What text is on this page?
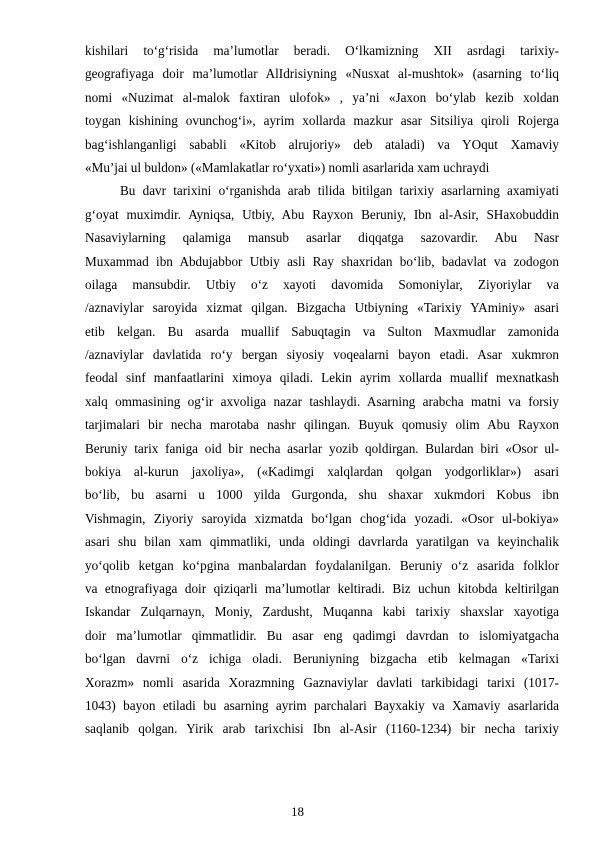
kishilari to‘g‘risida ma’lumotlar beradi. O‘lkamizning XII asrdagi tarixiy-
geografiyaga doir ma’lumotlar AlIdrisiyning «Nusxat al-mushtok» (asarning to‘liq
nomi «Nuzimat al-malok faxtiran ulofok» , ya’ni «Jaxon bo‘ylab kezib xoldan
toygan kishining ovunchog‘i», ayrim xollarda mazkur asar Sitsiliya qiroli Rojerga
bag‘ishlanganligi sababli «Kitob alrujoriy» deb ataladi) va YOqut Xamaviy
«Mu’jai ul buldon» («Mamlakatlar ro‘yxati») nomli asarlarida xam uchraydi
Bu davr tarixini o‘rganishda arab tilida bitilgan tarixiy asarlarning axamiyati
g‘oyat muximdir. Ayniqsa, Utbiy, Abu Rayxon Beruniy, Ibn al-Asir, SHaxobuddin
Nasaviylarning qalamiga mansub asarlar diqqatga sazovardir. Abu Nasr
Muxammad ibn Abdujabbor Utbiy asli Ray shaxridan bo‘lib, badavlat va zodogon
oilaga mansubdir. Utbiy o‘z xayoti davomida Somoniylar, Ziyoriylar va
/aznaviylar saroyida xizmat qilgan. Bizgacha Utbiyning «Tarixiy YAminiy» asari
etib kelgan. Bu asarda muallif Sabuqtagin va Sulton Maxmudlar zamonida
/aznaviylar davlatida ro‘y bergan siyosiy voqealarni bayon etadi. Asar xukmron
feodal sinf manfaatlarini ximoya qiladi. Lekin ayrim xollarda muallif mexnatkash
xalq ommasining og‘ir axvoliga nazar tashlaydi. Asarning arabcha matni va forsiy
tarjimalari bir necha marotaba nashr qilingan. Buyuk qomusiy olim Abu Rayxon
Beruniy tarix faniga oid bir necha asarlar yozib qoldirgan. Bulardan biri «Osor ul-
bokiya al-kurun jaxoliya», («Kadimgi xalqlardan qolgan yodgorliklar») asari
bo‘lib, bu asarni u 1000 yilda Gurgonda, shu shaxar xukmdori Kobus ibn
Vishmagin, Ziyoriy saroyida xizmatda bo‘lgan chog‘ida yozadi. «Osor ul-bokiya»
asari shu bilan xam qimmatliki, unda oldingi davrlarda yaratilgan va keyinchalik
yo‘qolib ketgan ko‘pgina manbalardan foydalanilgan. Beruniy o‘z asarida folklor
va etnografiyaga doir qiziqarli ma’lumotlar keltiradi. Biz uchun kitobda keltirilgan
Iskandar Zulqarnayn, Moniy, Zardusht, Muqanna kabi tarixiy shaxslar xayotiga
doir ma’lumotlar qimmatlidir. Bu asar eng qadimgi davrdan to islomiyatgacha
bo‘lgan davrni o‘z ichiga oladi. Beruniyning bizgacha etib kelmagan «Tarixi
Xorazm» nomli asarida Xorazmning Gaznaviylar davlati tarkibidagi tarixi (1017-
1043) bayon etiladi bu asarning ayrim parchalari Bayxakiy va Xamaviy asarlarida
saqlanib qolgan. Yirik arab tarixchisi Ibn al-Asir (1160-1234) bir necha tarixiy
18
